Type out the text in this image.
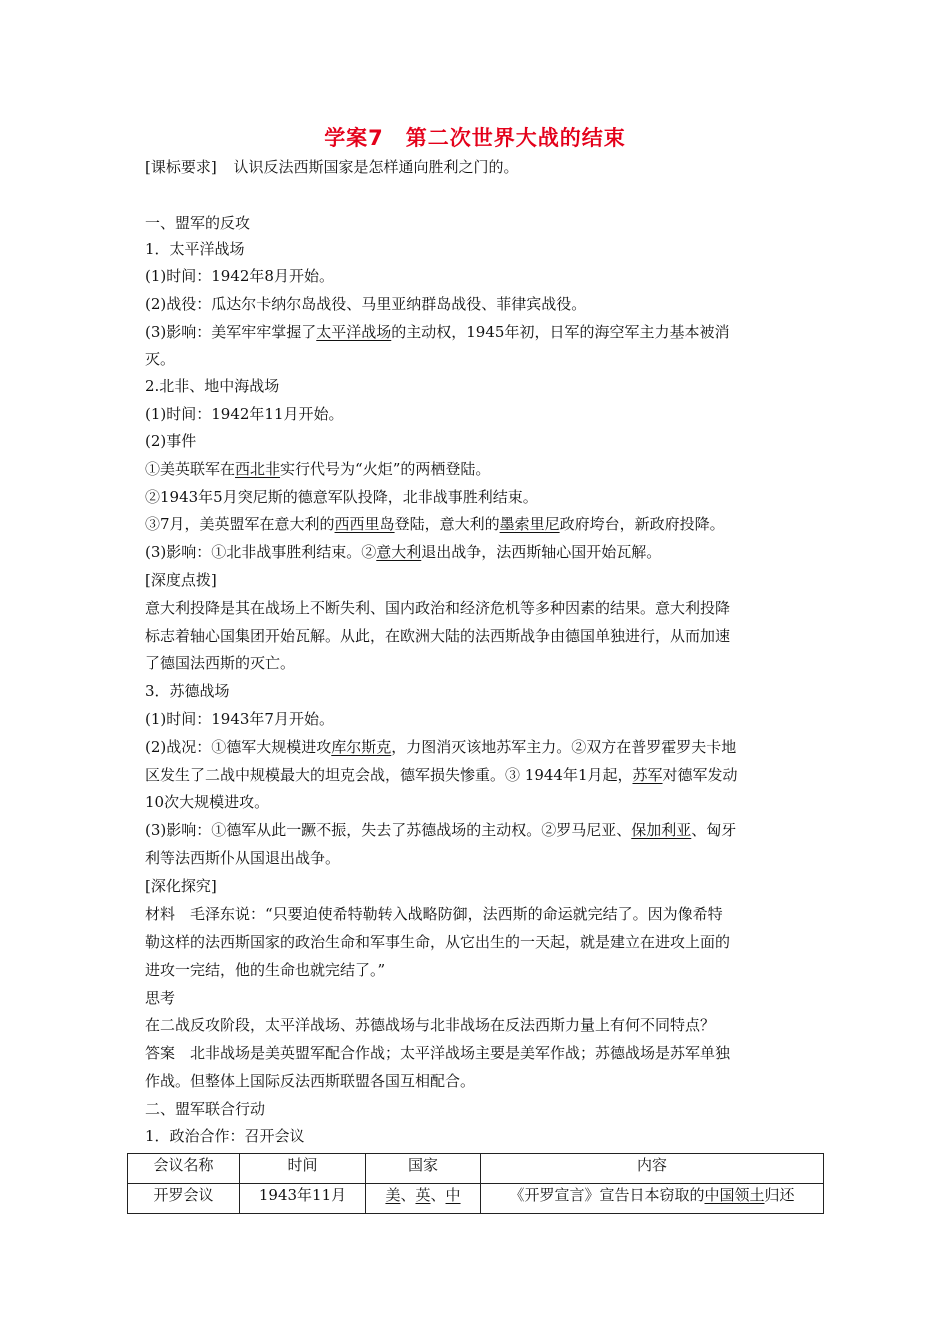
学案7　第二次世界大战的结束
[课标要求] 认识反法西斯国家是怎样通向胜利之门的。
一、盟军的反攻
1．太平洋战场
(1)时间：1942年8月开始。
(2)战役：瓜达尔卡纳尔岛战役、马里亚纳群岛战役、菲律宾战役。
(3)影响：美军牢牢掌握了太平洋战场的主动权，1945年初，日军的海空军主力基本被消
灭。
2.北非、地中海战场
(1)时间：1942年11月开始。
(2)事件
①美英联军在西北非实行代号为“火炬”的两栖登陆。
②1943年5月突尼斯的德意军队投降，北非战事胜利结束。
③7月，美英盟军在意大利的西西里岛登陆，意大利的墨索里尼政府垮台，新政府投降。
(3)影响：①北非战事胜利结束。②意大利退出战争，法西斯轴心国开始瓦解。
[深度点拨]
意大利投降是其在战场上不断失利、国内政治和经济危机等多种因素的结果。意大利投降
标志着轴心国集团开始瓦解。从此，在欧洲大陆的法西斯战争由德国单独进行，从而加速
了德国法西斯的灭亡。
3．苏德战场
(1)时间：1943年7月开始。
(2)战况：①德军大规模进攻库尔斯克，力图消灭该地苏军主力。②双方在普罗霍罗夫卡地
区发生了二战中规模最大的坦克会战，德军损失惨重。③ 1944年1月起，苏军对德军发动
10次大规模进攻。
(3)影响：①德军从此一蹶不振，失去了苏德战场的主动权。②罗马尼亚、保加利亚、匈牙
利等法西斯仆从国退出战争。
[深化探究]
材料　毛泽东说：“只要迫使希特勒转入战略防御，法西斯的命运就完结了。因为像希特
勒这样的法西斯国家的政治生命和军事生命，从它出生的一天起，就是建立在进攻上面的
进攻一完结，他的生命也就完结了。”
思考
在二战反攻阶段，太平洋战场、苏德战场与北非战场在反法西斯力量上有何不同特点？
答案　北非战场是美英盟军配合作战；太平洋战场主要是美军作战；苏德战场是苏军单独
作战。但整体上国际反法西斯联盟各国互相配合。
二、盟军联合行动
1．政治合作：召开会议
会议名称	时间	国家	内容
开罗会议	1943年11月	美、英、中	《开罗宣言》宣告日本窃取的中国领土归还
